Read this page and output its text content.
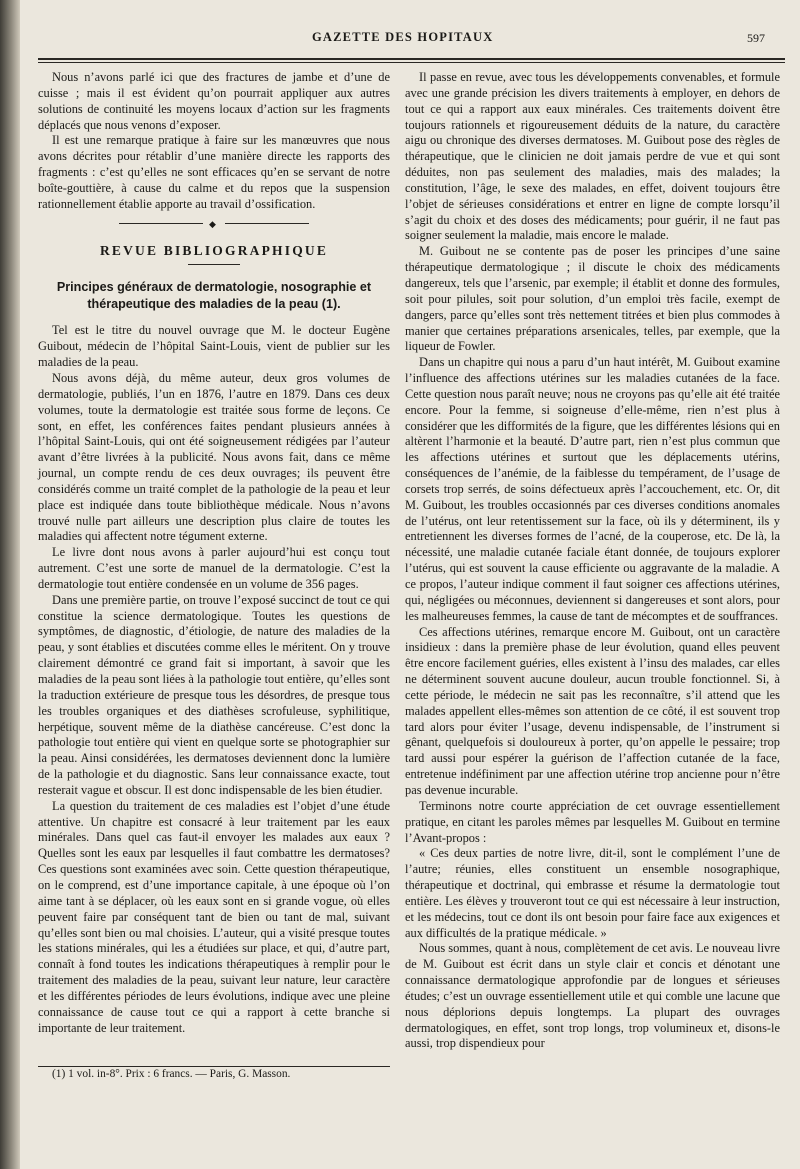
GAZETTE DES HOPITAUX	597

Nous n’avons parlé ici que des fractures de jambe et d’une de cuisse ; mais il est évident qu’on pourrait appliquer aux autres solutions de continuité les moyens locaux d’action sur les fragments déplacés que nous venons d’exposer.

Il est une remarque pratique à faire sur les manœuvres que nous avons décrites pour rétablir d’une manière directe les rapports des fragments : c’est qu’elles ne sont efficaces qu’en se servant de notre boîte-gouttière, à cause du calme et du repos que la suspension rationnellement établie apporte au travail d’ossification.

◆
REVUE BIBLIOGRAPHIQUE
Principes généraux de dermatologie, nosographie et thérapeutique des maladies de la peau (1).

Tel est le titre du nouvel ouvrage que M. le docteur Eugène Guibout, médecin de l’hôpital Saint-Louis, vient de publier sur les maladies de la peau.

Nous avons déjà, du même auteur, deux gros volumes de dermatologie, publiés, l’un en 1876, l’autre en 1879. Dans ces deux volumes, toute la dermatologie est traitée sous forme de leçons. Ce sont, en effet, les conférences faites pendant plusieurs années à l’hôpital Saint-Louis, qui ont été soigneusement rédigées par l’auteur avant d’être livrées à la publicité. Nous avons fait, dans ce même journal, un compte rendu de ces deux ouvrages; ils peuvent être considérés comme un traité complet de la pathologie de la peau et leur place est indiquée dans toute bibliothèque médicale. Nous n’avons trouvé nulle part ailleurs une description plus claire de toutes les maladies qui affectent notre tégument externe.

Le livre dont nous avons à parler aujourd’hui est conçu tout autrement. C’est une sorte de manuel de la dermatologie. C’est la dermatologie tout entière condensée en un volume de 356 pages.

Dans une première partie, on trouve l’exposé succinct de tout ce qui constitue la science dermatologique. Toutes les questions de symptômes, de diagnostic, d’étiologie, de nature des maladies de la peau, y sont établies et discutées comme elles le méritent. On y trouve clairement démontré ce grand fait si important, à savoir que les maladies de la peau sont liées à la pathologie tout entière, qu’elles sont la traduction extérieure de presque tous les désordres, de presque tous les troubles organiques et des diathèses scrofuleuse, syphilitique, herpétique, souvent même de la diathèse cancéreuse. C’est donc la pathologie tout entière qui vient en quelque sorte se photographier sur la peau. Ainsi considérées, les dermatoses deviennent donc la lumière de la pathologie et du diagnostic. Sans leur connaissance exacte, tout resterait vague et obscur. Il est donc indispensable de les bien étudier.

La question du traitement de ces maladies est l’objet d’une étude attentive. Un chapitre est consacré à leur traitement par les eaux minérales. Dans quel cas faut-il envoyer les malades aux eaux ? Quelles sont les eaux par lesquelles il faut combattre les dermatoses? Ces questions sont examinées avec soin. Cette question thérapeutique, on le comprend, est d’une importance capitale, à une époque où l’on aime tant à se déplacer, où les eaux sont en si grande vogue, où elles peuvent faire par conséquent tant de bien ou tant de mal, suivant qu’elles sont bien ou mal choisies. L’auteur, qui a visité presque toutes les stations minérales, qui les a étudiées sur place, et qui, d’autre part, connaît à fond toutes les indications thérapeutiques à remplir pour le traitement des maladies de la peau, suivant leur nature, leur caractère et les différentes périodes de leurs évolutions, indique avec une pleine connaissance de cause tout ce qui a rapport à cette branche si importante de leur traitement.

(1) 1 vol. in-8°. Prix : 6 francs. — Paris, G. Masson.

Il passe en revue, avec tous les développements convenables, et formule avec une grande précision les divers traitements à employer, en dehors de tout ce qui a rapport aux eaux minérales. Ces traitements doivent être toujours rationnels et rigoureusement déduits de la nature, du caractère aigu ou chronique des diverses dermatoses. M. Guibout pose des règles de thérapeutique, que le clinicien ne doit jamais perdre de vue et qui sont déduites, non pas seulement des maladies, mais des malades; la constitution, l’âge, le sexe des malades, en effet, doivent toujours être l’objet de sérieuses considérations et entrer en ligne de compte lorsqu’il s’agit du choix et des doses des médicaments; pour guérir, il ne faut pas soigner seulement la maladie, mais encore le malade.

M. Guibout ne se contente pas de poser les principes d’une saine thérapeutique dermatologique ; il discute le choix des médicaments dangereux, tels que l’arsenic, par exemple; il établit et donne des formules, soit pour pilules, soit pour solution, d’un emploi très facile, exempt de dangers, parce qu’elles sont très nettement titrées et bien plus commodes à manier que certaines préparations arsenicales, telles, par exemple, que la liqueur de Fowler.

Dans un chapitre qui nous a paru d’un haut intérêt, M. Guibout examine l’influence des affections utérines sur les maladies cutanées de la face. Cette question nous paraît neuve; nous ne croyons pas qu’elle ait été traitée encore. Pour la femme, si soigneuse d’elle-même, rien n’est plus à considérer que les difformités de la figure, que les différentes lésions qui en altèrent l’harmonie et la beauté. D’autre part, rien n’est plus commun que les affections utérines et surtout que les déplacements utérins, conséquences de l’anémie, de la faiblesse du tempérament, de l’usage de corsets trop serrés, de soins défectueux après l’accouchement, etc. Or, dit M. Guibout, les troubles occasionnés par ces diverses conditions anomales de l’utérus, ont leur retentissement sur la face, où ils y déterminent, ils y entretiennent les diverses formes de l’acné, de la couperose, etc. De là, la nécessité, une maladie cutanée faciale étant donnée, de toujours explorer l’utérus, qui est souvent la cause efficiente ou aggravante de la maladie. A ce propos, l’auteur indique comment il faut soigner ces affections utérines, qui, négligées ou méconnues, deviennent si dangereuses et sont alors, pour les malheureuses femmes, la cause de tant de mécomptes et de souffrances.

Ces affections utérines, remarque encore M. Guibout, ont un caractère insidieux : dans la première phase de leur évolution, quand elles peuvent être encore facilement guéries, elles existent à l’insu des malades, car elles ne déterminent souvent aucune douleur, aucun trouble fonctionnel. Si, à cette période, le médecin ne sait pas les reconnaître, s’il attend que les malades appellent elles-mêmes son attention de ce côté, il est souvent trop tard alors pour éviter l’usage, devenu indispensable, de l’instrument si gênant, quelquefois si douloureux à porter, qu’on appelle le pessaire; trop tard aussi pour espérer la guérison de l’affection cutanée de la face, entretenue indéfiniment par une affection utérine trop ancienne pour n’être pas devenue incurable.

Terminons notre courte appréciation de cet ouvrage essentiellement pratique, en citant les paroles mêmes par lesquelles M. Guibout en termine l’Avant-propos :

« Ces deux parties de notre livre, dit-il, sont le complément l’une de l’autre; réunies, elles constituent un ensemble nosographique, thérapeutique et doctrinal, qui embrasse et résume la dermatologie tout entière. Les élèves y trouveront tout ce qui est nécessaire à leur instruction, et les médecins, tout ce dont ils ont besoin pour faire face aux exigences et aux difficultés de la pratique médicale. »

Nous sommes, quant à nous, complètement de cet avis. Le nouveau livre de M. Guibout est écrit dans un style clair et concis et dénotant une connaissance dermatologique approfondie par de longues et sérieuses études; c’est un ouvrage essentiellement utile et qui comble une lacune que nous déplorions depuis longtemps. La plupart des ouvrages dermatologiques, en effet, sont trop longs, trop volumineux et, disons-le aussi, trop dispendieux pour
